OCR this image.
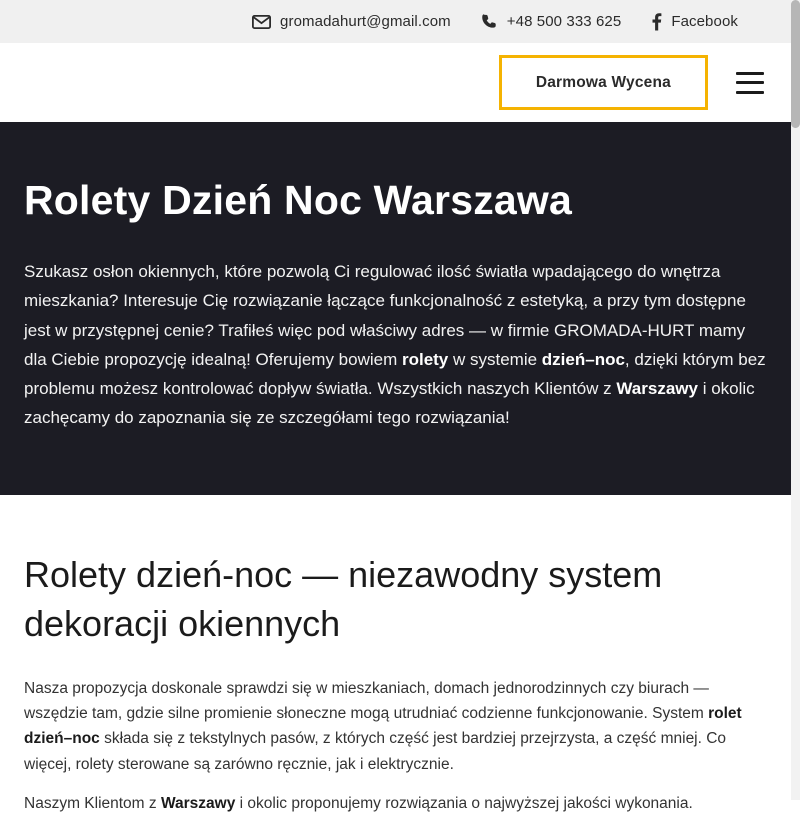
gromadahurt@gmail.com	+48 500 333 625	Facebook
Darmowa Wycena
Rolety Dzień Noc Warszawa

Szukasz osłon okiennych, które pozwolą Ci regulować ilość światła wpadającego do wnętrza mieszkania? Interesuje Cię rozwiązanie łączące funkcjonalność z estetyką, a przy tym dostępne jest w przystępnej cenie? Trafiłeś więc pod właściwy adres — w firmie GROMADA-HURT mamy dla Ciebie propozycję idealną! Oferujemy bowiem rolety w systemie dzień–noc, dzięki którym bez problemu możesz kontrolować dopływ światła. Wszystkich naszych Klientów z Warszawy i okolic zachęcamy do zapoznania się ze szczegółami tego rozwiązania!

Rolety dzień-noc — niezawodny system dekoracji okiennych

Nasza propozycja doskonale sprawdzi się w mieszkaniach, domach jednorodzinnych czy biurach — wszędzie tam, gdzie silne promienie słoneczne mogą utrudniać codzienne funkcjonowanie. System rolet dzień–noc składa się z tekstylnych pasów, z których część jest bardziej przejrzysta, a część mniej. Co więcej, rolety sterowane są zarówno ręcznie, jak i elektrycznie.

Naszym Klientom z Warszawy i okolic proponujemy rozwiązania o najwyższej jakości wykonania.
